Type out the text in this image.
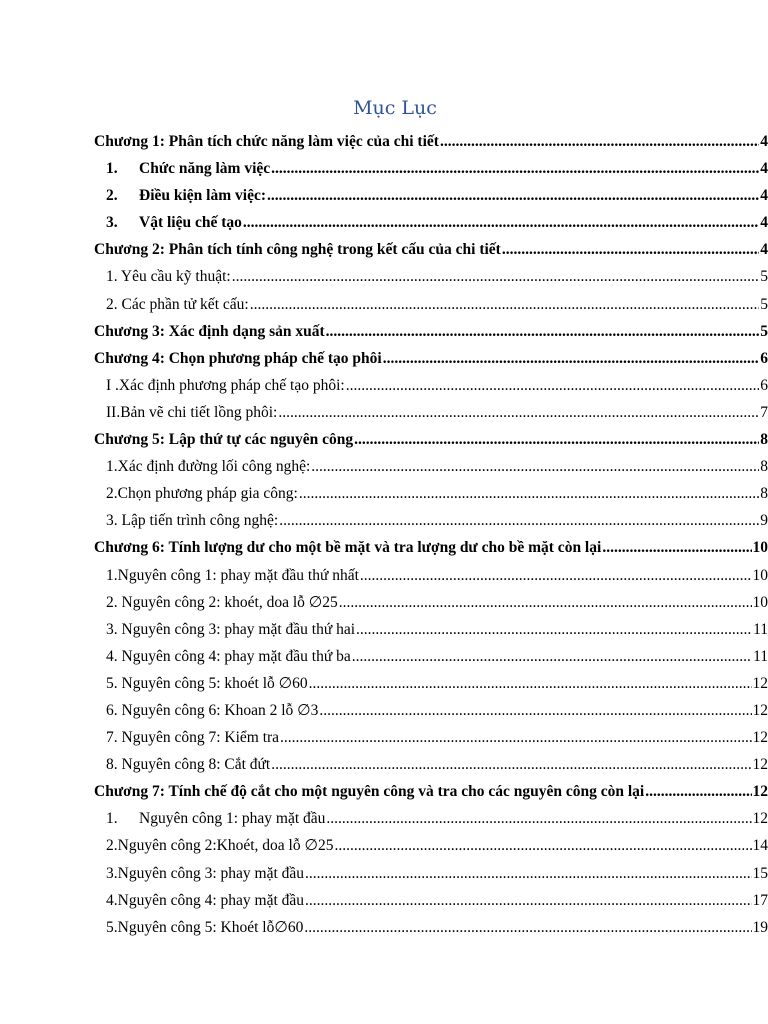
Mục Lục
Chương 1: Phân tích chức năng làm việc của chi tiết .....	4
1.	Chức năng làm việc .....	4
2.	Điều kiện làm việc: .....	4
3.	Vật liệu chế tạo .....	4
Chương 2: Phân tích tính công nghệ trong kết cấu của chi tiết .....	4
1. Yêu cầu kỹ thuật: .....	5
2. Các phần tử kết cấu: .....	5
Chương 3: Xác định dạng sản xuất .....	5
Chương 4: Chọn phương pháp chế tạo phôi .....	6
I .Xác định phương pháp chế tạo phôi: .....	6
II.Bản vẽ chi tiết lồng phôi: .....	7
Chương 5: Lập thứ tự các nguyên công .....	8
1.Xác định đường lối công nghệ: .....	8
2.Chọn phương pháp gia công: .....	8
3. Lập tiến trình công nghệ: .....	9
Chương 6: Tính lượng dư cho một bề mặt và tra lượng dư cho bề mặt còn lại .....	10
1.Nguyên công 1: phay mặt đầu thứ nhất .....	10
2. Nguyên công 2: khoét, doa lỗ ∅25 .....	10
3. Nguyên công 3: phay mặt đầu thứ hai .....	11
4. Nguyên công 4: phay mặt đầu thứ ba .....	11
5. Nguyên công 5: khoét lỗ ∅60 .....	12
6. Nguyên công 6: Khoan 2 lỗ ∅3 .....	12
7. Nguyên công 7: Kiểm tra .....	12
8. Nguyên công 8: Cắt đứt .....	12
Chương 7: Tính chế độ cắt cho một nguyên công và tra cho các nguyên công còn lại .....	12
1.	Nguyên công 1: phay mặt đầu .....	12
2.Nguyên công 2:Khoét, doa lỗ ∅25 .....	14
3.Nguyên công 3: phay mặt đầu .....	15
4.Nguyên công 4: phay mặt đầu .....	17
5.Nguyên công 5: Khoét lỗ∅60 .....	19
